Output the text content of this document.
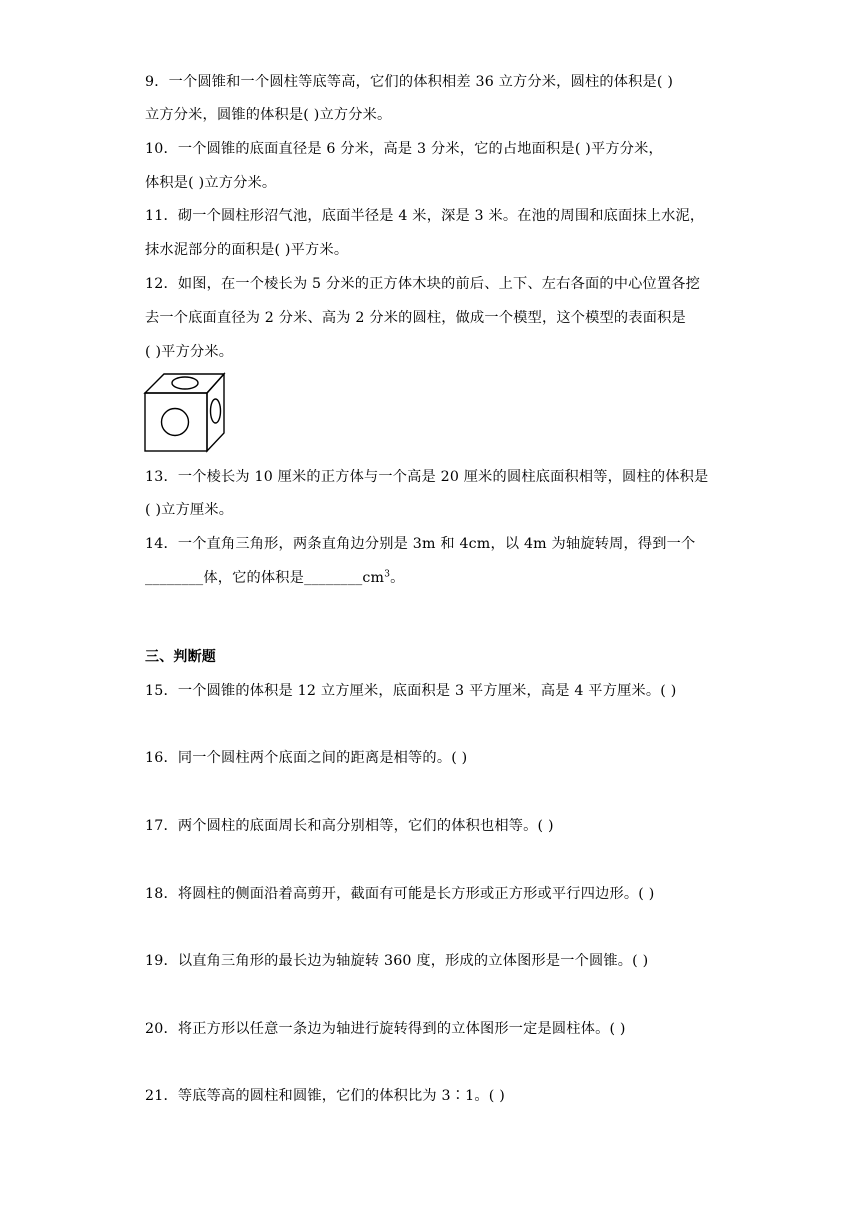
9．一个圆锥和一个圆柱等底等高，它们的体积相差 36 立方分米，圆柱的体积是( )
立方分米，圆锥的体积是( )立方分米。
10．一个圆锥的底面直径是 6 分米，高是 3 分米，它的占地面积是( )平方分米，
体积是( )立方分米。
11．砌一个圆柱形沼气池，底面半径是 4 米，深是 3 米。在池的周围和底面抹上水泥，
抹水泥部分的面积是( )平方米。
12．如图，在一个棱长为 5 分米的正方体木块的前后、上下、左右各面的中心位置各挖
去一个底面直径为 2 分米、高为 2 分米的圆柱，做成一个模型，这个模型的表面积是
( )平方分米。
13．一个棱长为 10 厘米的正方体与一个高是 20 厘米的圆柱底面积相等，圆柱的体积是
( )立方厘米。
14．一个直角三角形，两条直角边分别是 3m 和 4cm，以 4m 为轴旋转周，得到一个
________体，它的体积是$\_\_\_\_\_\_\_\_cm^3$。
三、判断题
15．一个圆锥的体积是 12 立方厘米，底面积是 3 平方厘米，高是 4 平方厘米。( )
16．同一个圆柱两个底面之间的距离是相等的。( )
17．两个圆柱的底面周长和高分别相等，它们的体积也相等。( )
18．将圆柱的侧面沿着高剪开，截面有可能是长方形或正方形或平行四边形。( )
19．以直角三角形的最长边为轴旋转 360 度，形成的立体图形是一个圆锥。( )
20．将正方形以任意一条边为轴进行旋转得到的立体图形一定是圆柱体。( )
21．等底等高的圆柱和圆锥，它们的体积比为 3∶1。( )
